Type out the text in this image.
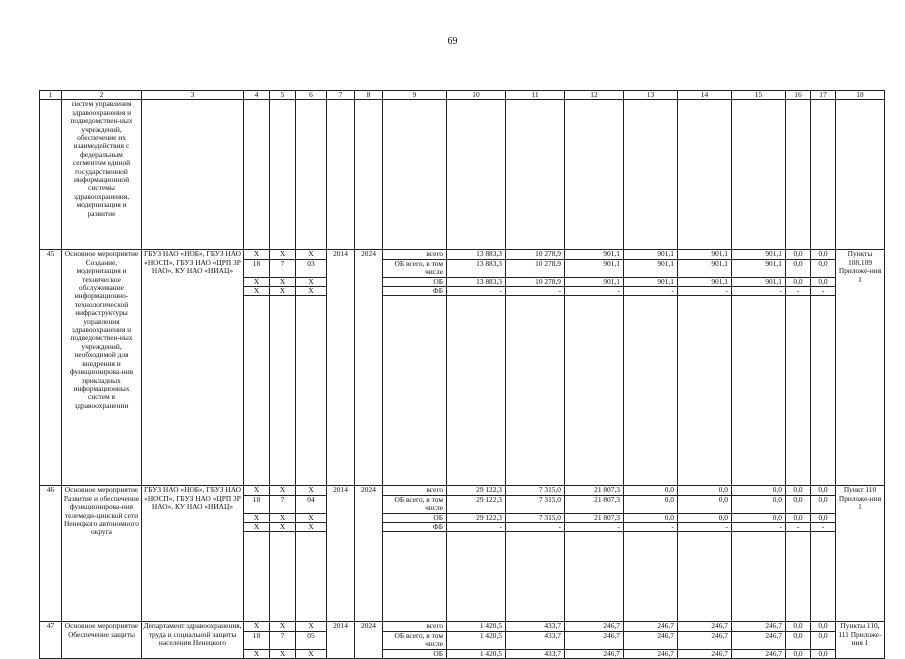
69
1	2	3	4	5	6	7	8	9	10	11	12	13	14	15	16	17	18
	систем управления здравоохранения и подведомствен-ных учреждений, обеспечение их взаимодействия с федеральным сегментом единой государственной информационной системы здравоохранения, модернизация и развитие																
45	Основное мероприятие Создание, модернизация и техническое обслуживание информационно-технологической инфраструктуры управления здравоохранения и подведомствен-ных учреждений, необходимой для внедрения и функционирова-ния прикладных информационных систем в здравоохранении	ГБУЗ НАО «НОБ», ГБУЗ НАО «НОСП», ГБУЗ НАО «ЦРП ЗР НАО», КУ НАО «НИАЦ»	Х	Х	Х	2014	2024	всего	13 883,3	10 278,9	901,1	901,1	901,1	901,1	0,0	0,0	Пункты 108,109 Приложе-ния 1
			18	7	03			ОБ всего, в том числе	13 883,3	10 278,9	901,1	901,1	901,1	901,1	0,0	0,0	
			Х	Х	Х			ОБ	13 883,3	10 278,9	901,1	901,1	901,1	901,1	0,0	0,0	
			Х	Х	Х			ФБ	-	-	-	-	-	-	-	-	

46	Основное мероприятие Развитие и обеспечение функционирова-ния телемеди-цинской сети Ненецкого автономного округа	ГБУЗ НАО «НОБ», ГБУЗ НАО «НОСП», ГБУЗ НАО «ЦРП ЗР НАО», КУ НАО «НИАЦ»	Х	Х	Х	2014	2024	всего	29 122,3	7 315,0	21 807,3	0,0	0,0	0,0	0,0	0,0	Пункт 110 Приложе-ния 1
			18	7	04			ОБ всего, в том числе	29 122,3	7 315,0	21 807,3	0,0	0,0	0,0	0,0	0,0	
			Х	Х	Х			ОБ	29 122,3	7 315,0	21 807,3	0,0	0,0	0,0	0,0	0,0	
			Х	Х	Х			ФБ	-	-	-	-	-	-	-	-	

47	Основное мероприятие Обеспечение защиты	Департамент здравоохранения, труда и социальной защиты населения Ненецкого	Х	Х	Х	2014	2024	всего	1 420,5	433,7	246,7	246,7	246,7	246,7	0,0	0,0	Пункты 110, 111 Приложе-ния 1
			18	7	05			ОБ всего, в том числе	1 420,5	433,7	246,7	246,7	246,7	246,7	0,0	0,0	
			Х	Х	Х			ОБ	1 420,5	433,7	246,7	246,7	246,7	246,7	0,0	0,0	
